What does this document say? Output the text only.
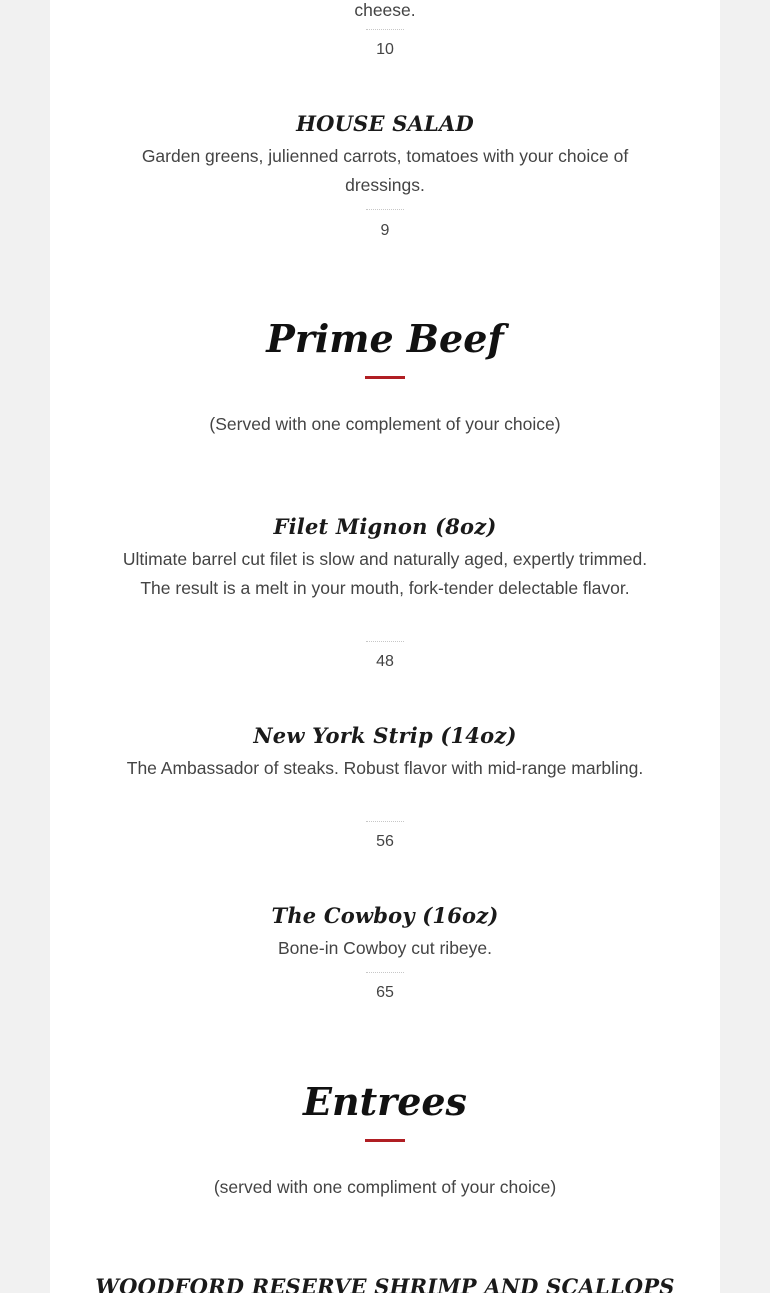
cheese.
10
HOUSE SALAD
Garden greens, julienned carrots, tomatoes with your choice of dressings.
9
Prime Beef
(Served with one complement of your choice)
Filet Mignon (8oz)
Ultimate barrel cut filet is slow and naturally aged, expertly trimmed. The result is a melt in your mouth, fork-tender delectable flavor.
48
New York Strip (14oz)
The Ambassador of steaks. Robust flavor with mid-range marbling.
56
The Cowboy (16oz)
Bone-in Cowboy cut ribeye.
65
Entrees
(served with one compliment of your choice)
WOODFORD RESERVE SHRIMP AND SCALLOPS
